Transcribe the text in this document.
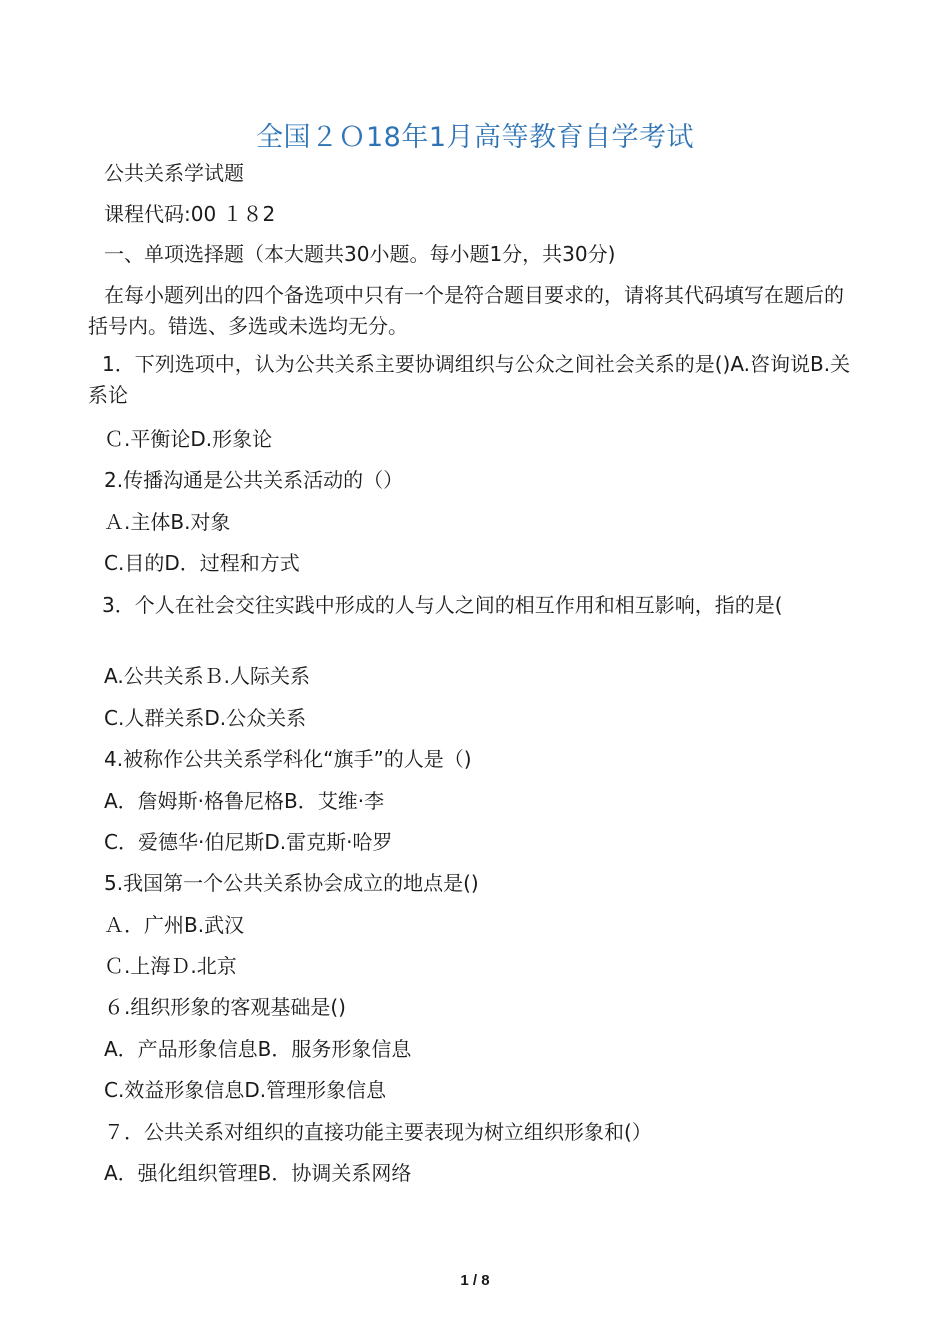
全国２Ｏ18年1月高等教育自学考试
公共关系学试题
课程代码:00 １８2
一、单项选择题（本大题共30小题。每小题1分，共30分)
在每小题列出的四个备选项中只有一个是符合题目要求的，请将其代码填写在题后的括号内。错选、多选或未选均无分。
1．下列选项中，认为公共关系主要协调组织与公众之间社会关系的是()A.咨询说B.关系论
Ｃ.平衡论D.形象论
2.传播沟通是公共关系活动的（）
Ａ.主体B.对象
C.目的D．过程和方式
3．个人在社会交往实践中形成的人与人之间的相互作用和相互影响，指的是(
A.公共关系Ｂ.人际关系
C.人群关系D.公众关系
4.被称作公共关系学科化“旗手”的人是（)
A．詹姆斯·格鲁尼格B．艾维·李
C．爱德华·伯尼斯D.雷克斯·哈罗
5.我国第一个公共关系协会成立的地点是()
Ａ．广州B.武汉
Ｃ.上海Ｄ.北京
６.组织形象的客观基础是()
A．产品形象信息B．服务形象信息
C.效益形象信息D.管理形象信息
７．公共关系对组织的直接功能主要表现为树立组织形象和(）
A．强化组织管理B．协调关系网络
1 / 8
